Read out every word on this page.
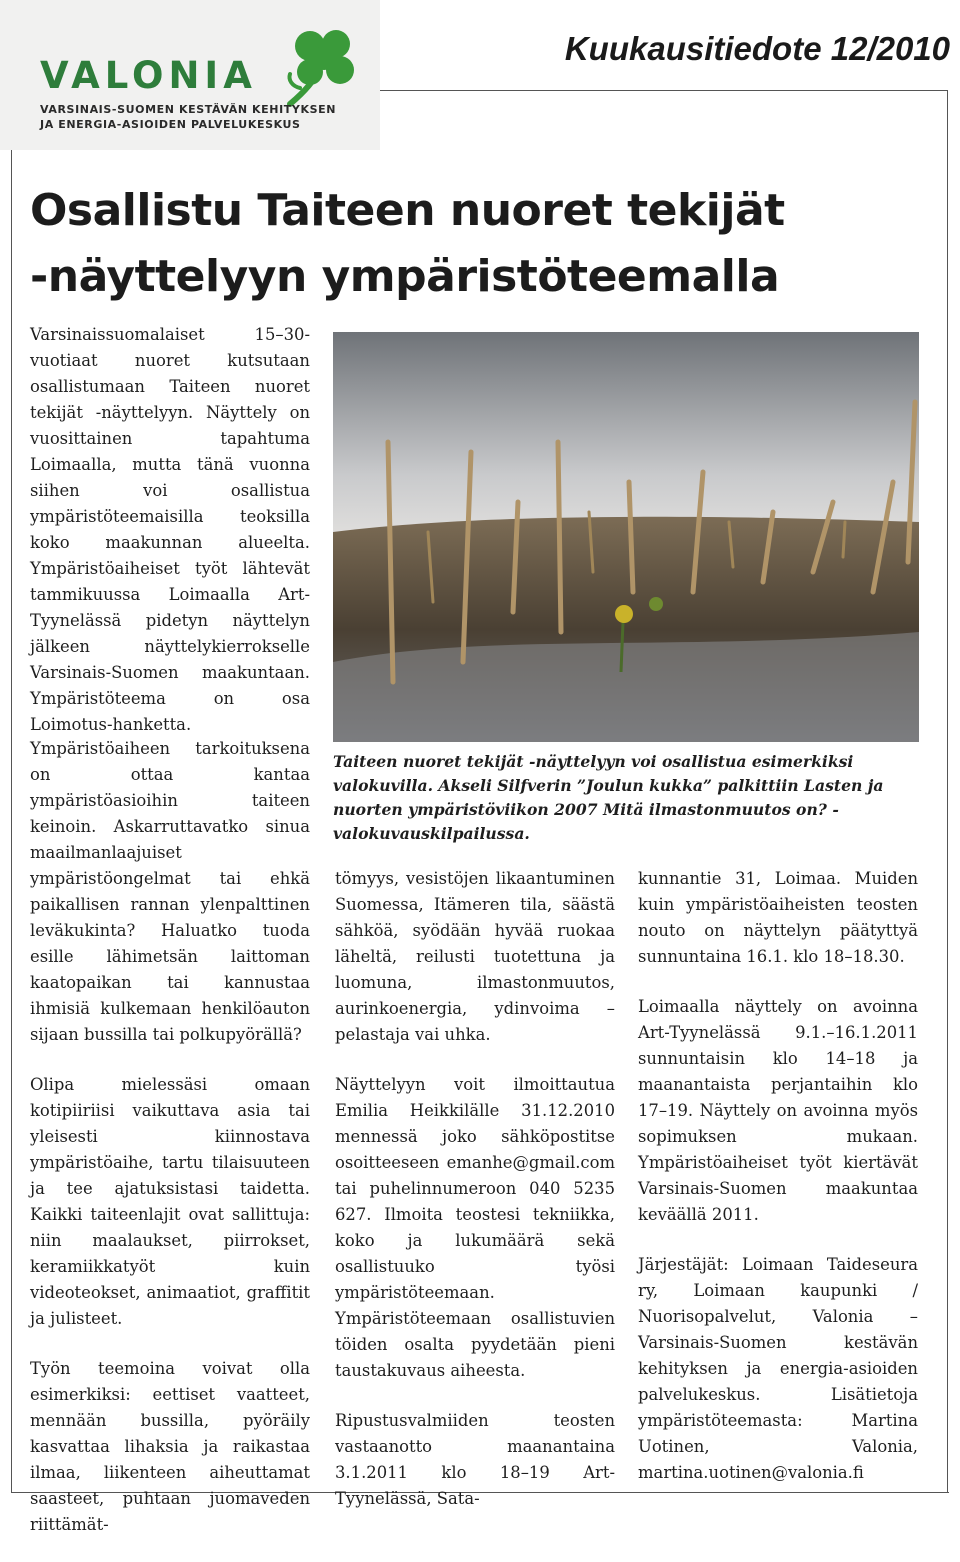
VALONIA
VARSINAIS-SUOMEN KESTÄVÄN KEHITYKSEN
JA ENERGIA-ASIOIDEN PALVELUKESKUS
Kuukausitiedote 12/2010
Osallistu Taiteen nuoret tekijät
-näyttelyyn ympäristöteemalla

Varsinaissuomalaiset 15–30-vuotiaat nuoret kutsutaan osallistumaan Taiteen nuoret tekijät -näyttelyyn. Näyttely on vuosittainen tapahtuma Loimaalla, mutta tänä vuonna siihen voi osallistua ympäristöteemaisilla teoksilla koko maakunnan alueelta. Ympäristöaiheiset työt lähtevät tammikuussa Loimaalla Art-Tyynelässä pidetyn näyttelyn jälkeen näyttelykierrokselle Varsinais-Suomen maakuntaan. Ympäristöteema on osa Loimotus-hanketta.

Ympäristöaiheen tarkoituksena on ottaa kantaa ympäristöasioihin taiteen keinoin. Askarruttavatko sinua maailmanlaajuiset ympäristöongelmat tai ehkä paikallisen rannan ylenpalttinen leväkukinta? Haluatko tuoda esille lähimetsän laittoman kaatopaikan tai kannustaa ihmisiä kulkemaan henkilöauton sijaan bussilla tai polkupyörällä?

Olipa mielessäsi omaan kotipiiriisi vaikuttava asia tai yleisesti kiinnostava ympäristöaihe, tartu tilaisuuteen ja tee ajatuksistasi taidetta. Kaikki taiteenlajit ovat sallittuja: niin maalaukset, piirrokset, keramiikkatyöt kuin videoteokset, animaatiot, graffitit ja julisteet.

Työn teemoina voivat olla esimerkiksi: eettiset vaatteet, mennään bussilla, pyöräily kasvattaa lihaksia ja raikastaa ilmaa, liikenteen aiheuttamat saasteet, puhtaan juomaveden riittämät-

Taiteen nuoret tekijät -näyttelyyn voi osallistua esimerkiksi valokuvilla. Akseli Silfverin ”Joulun kukka” palkittiin Lasten ja nuorten ympäristöviikon 2007 Mitä ilmastonmuutos on? -valokuvauskilpailussa.

tömyys, vesistöjen likaantuminen Suomessa, Itämeren tila, säästä sähköä, syödään hyvää ruokaa läheltä, reilusti tuotettuna ja luomuna, ilmastonmuutos, aurinkoenergia, ydinvoima – pelastaja vai uhka.

Näyttelyyn voit ilmoittautua Emilia Heikkilälle 31.12.2010 mennessä joko sähköpostitse osoitteeseen emanhe@gmail.com tai puhelinnumeroon 040 5235 627. Ilmoita teostesi tekniikka, koko ja lukumäärä sekä osallistuuko työsi ympäristöteemaan. Ympäristöteemaan osallistuvien töiden osalta pyydetään pieni taustakuvaus aiheesta.

Ripustusvalmiiden teosten vastaanotto maanantaina 3.1.2011 klo 18–19 Art-Tyynelässä, Sata-

kunnantie 31, Loimaa. Muiden kuin ympäristöaiheisten teosten nouto on näyttelyn päätyttyä sunnuntaina 16.1. klo 18–18.30.

Loimaalla näyttely on avoinna Art-Tyynelässä 9.1.–16.1.2011 sunnuntaisin klo 14–18 ja maanantaista perjantaihin klo 17–19. Näyttely on avoinna myös sopimuksen mukaan. Ympäristöaiheiset työt kiertävät Varsinais-Suomen maakuntaa keväällä 2011.

Järjestäjät: Loimaan Taideseura ry, Loimaan kaupunki / Nuorisopalvelut, Valonia – Varsinais-Suomen kestävän kehityksen ja energia-asioiden palvelukeskus. Lisätietoja ympäristöteemasta: Martina Uotinen, Valonia, martina.uotinen@valonia.fi
